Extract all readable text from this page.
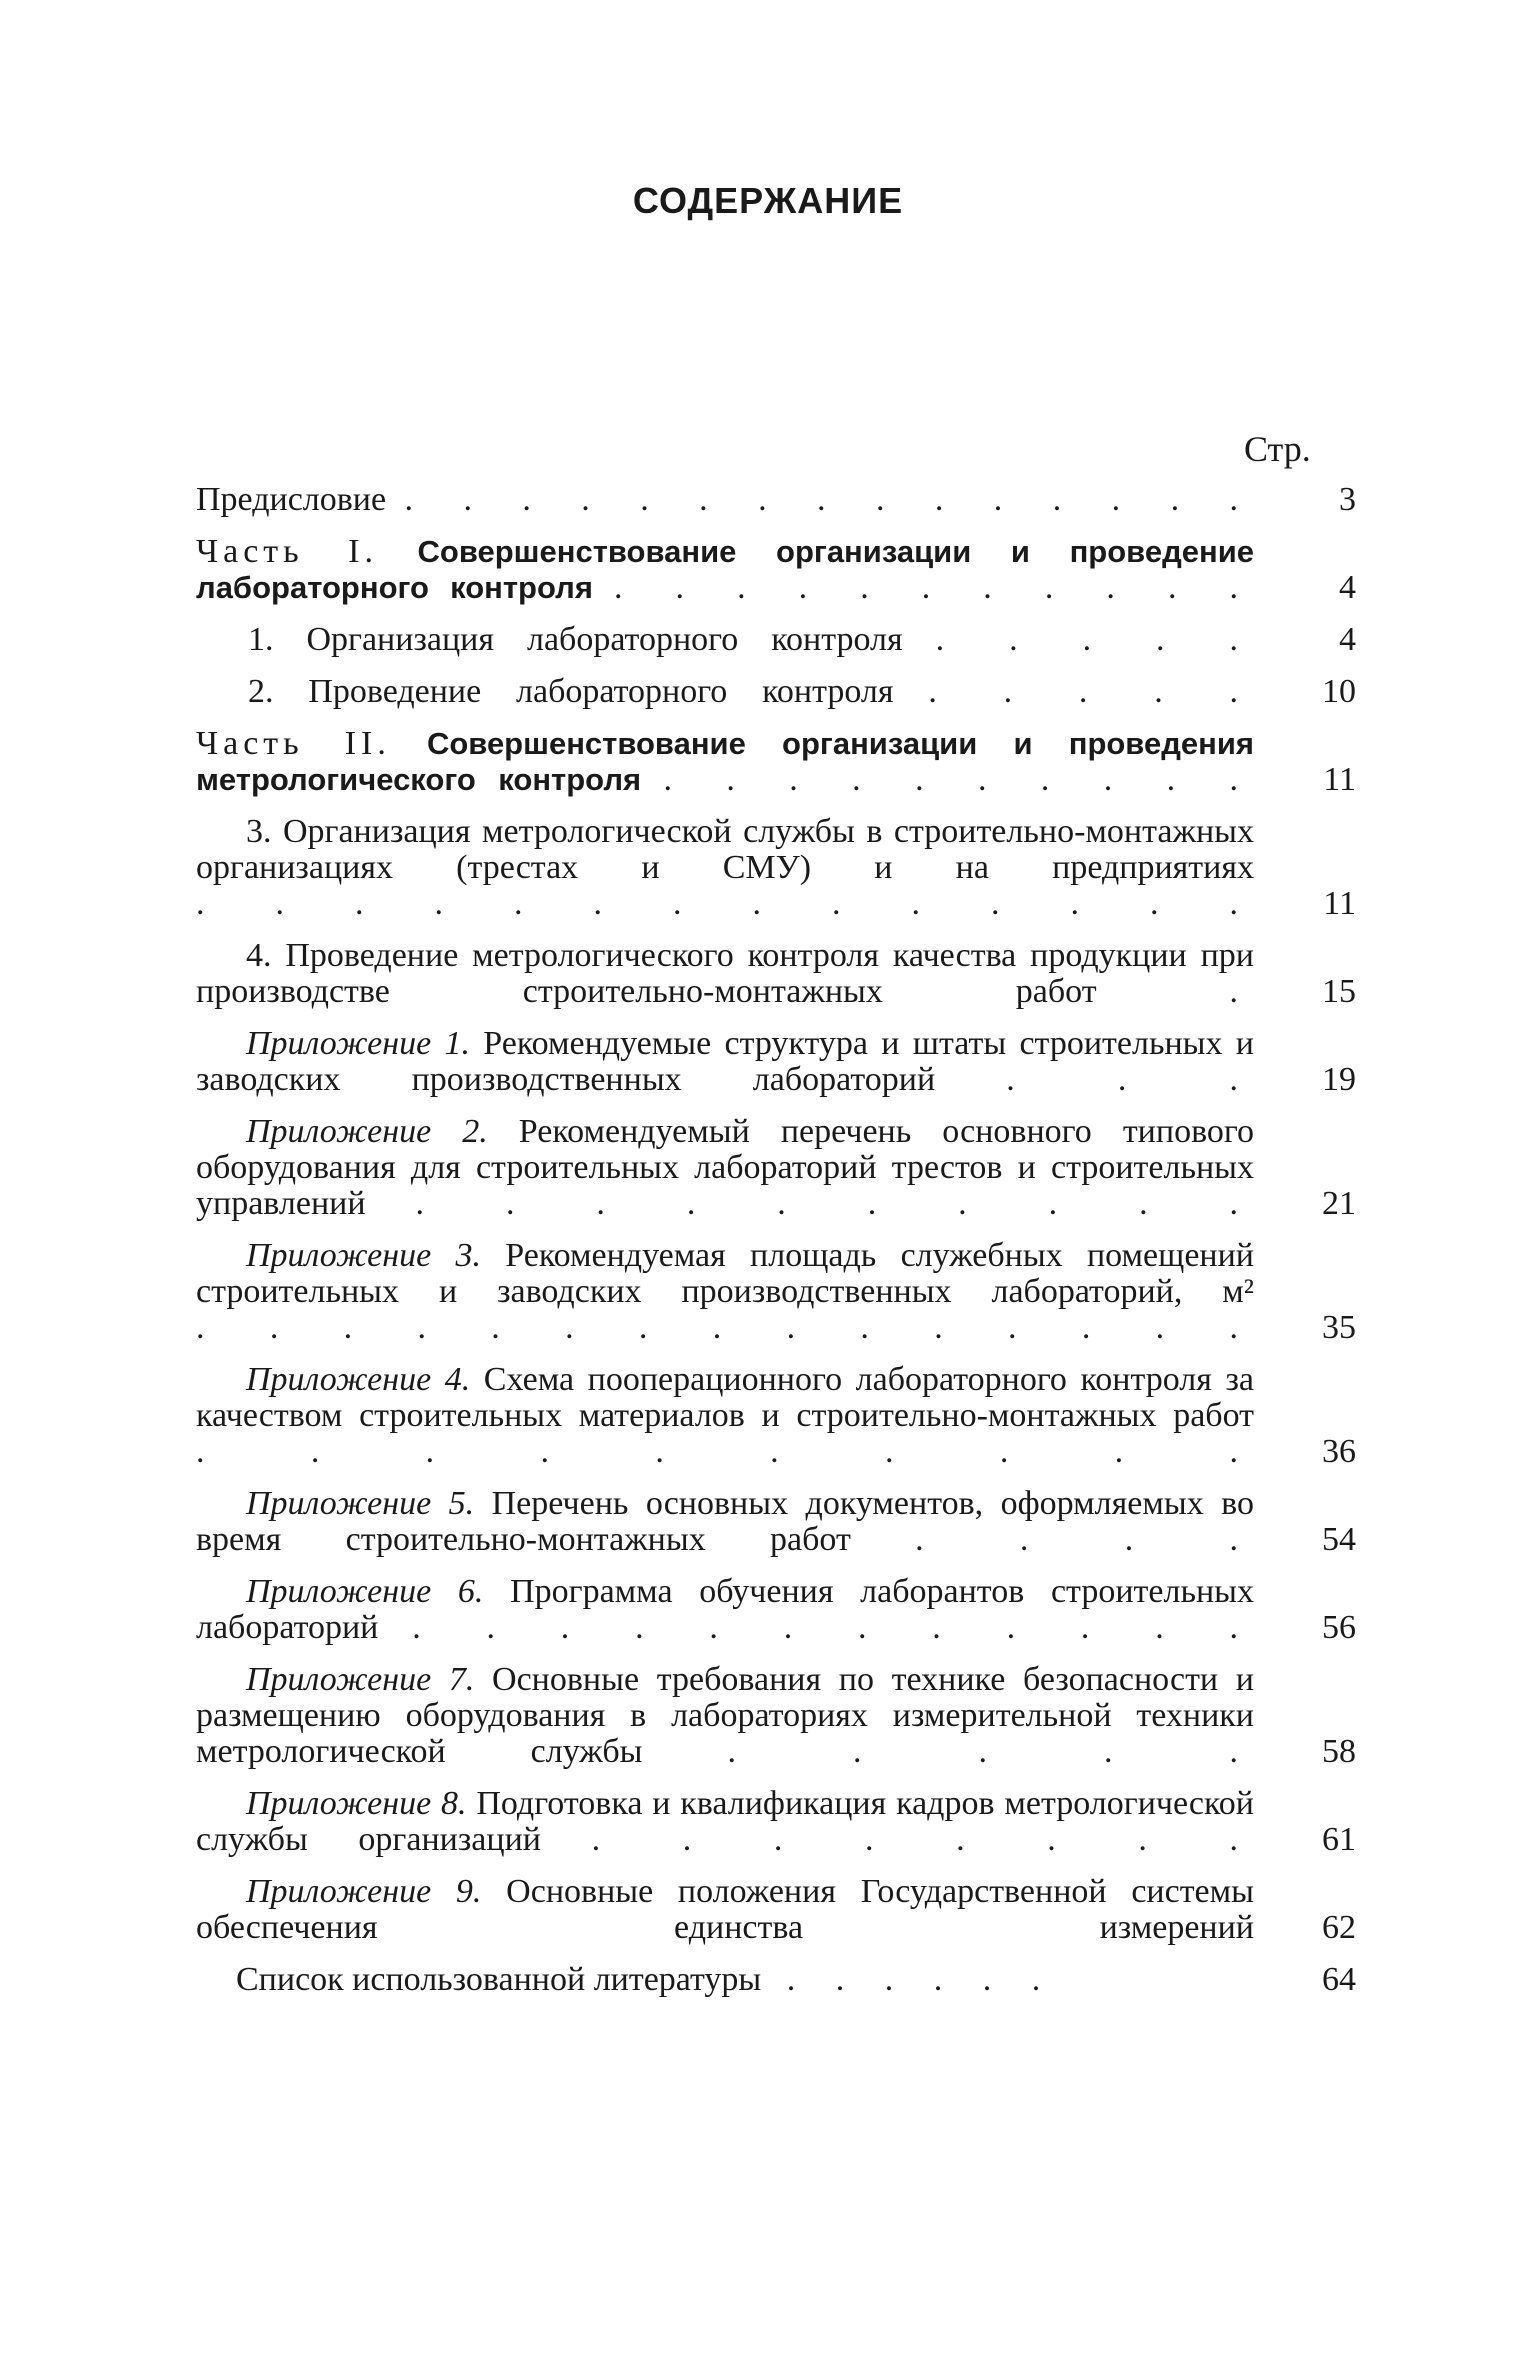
СОДЕРЖАНИЕ
Стр.
Предисловие . . . . . . . . . . . . . . .	3
Часть I. Совершенствование организации и проведение лабораторного контроля . . . . . . . . . . .	4
1. Организация лабораторного контроля . . . . .	4
2. Проведение лабораторного контроля . . . . .	10
Часть II. Совершенствование организации и проведения метрологического контроля . . . . . . . . . .	11
3. Организация метрологической службы в строительно-монтажных организациях (трестах и СМУ) и на предприятиях . . . . . . . . . . . . . .	11
4. Проведение метрологического контроля качества продукции при производстве строительно-монтажных работ	.	15
Приложение 1. Рекомендуемые структура и штаты строительных и заводских производственных лабораторий . . .	19
Приложение 2. Рекомендуемый перечень основного типового оборудования для строительных лабораторий трестов и строительных управлений . . . . . . . . . .	21
Приложение 3. Рекомендуемая площадь служебных помещений строительных и заводских производственных лабораторий, м² . . . . . . . . . . . . . . .	35
Приложение 4. Схема пооперационного лабораторного контроля за качеством строительных материалов и строительно-монтажных работ . . . . . . . . . .	36
Приложение 5. Перечень основных документов, оформляемых во время строительно-монтажных работ . . . .	54
Приложение 6. Программа обучения лаборантов строительных лабораторий . . . . . . . . . . . .	56
Приложение 7. Основные требования по технике безопасности и размещению оборудования в лабораториях измерительной техники метрологической службы	. . . . .	58
Приложение 8. Подготовка и квалификация кадров метрологической службы организаций . . . . . . . .	61
Приложение 9. Основные положения Государственной системы обеспечения единства измерений	62
Список использованной литературы . . . . . .	64
